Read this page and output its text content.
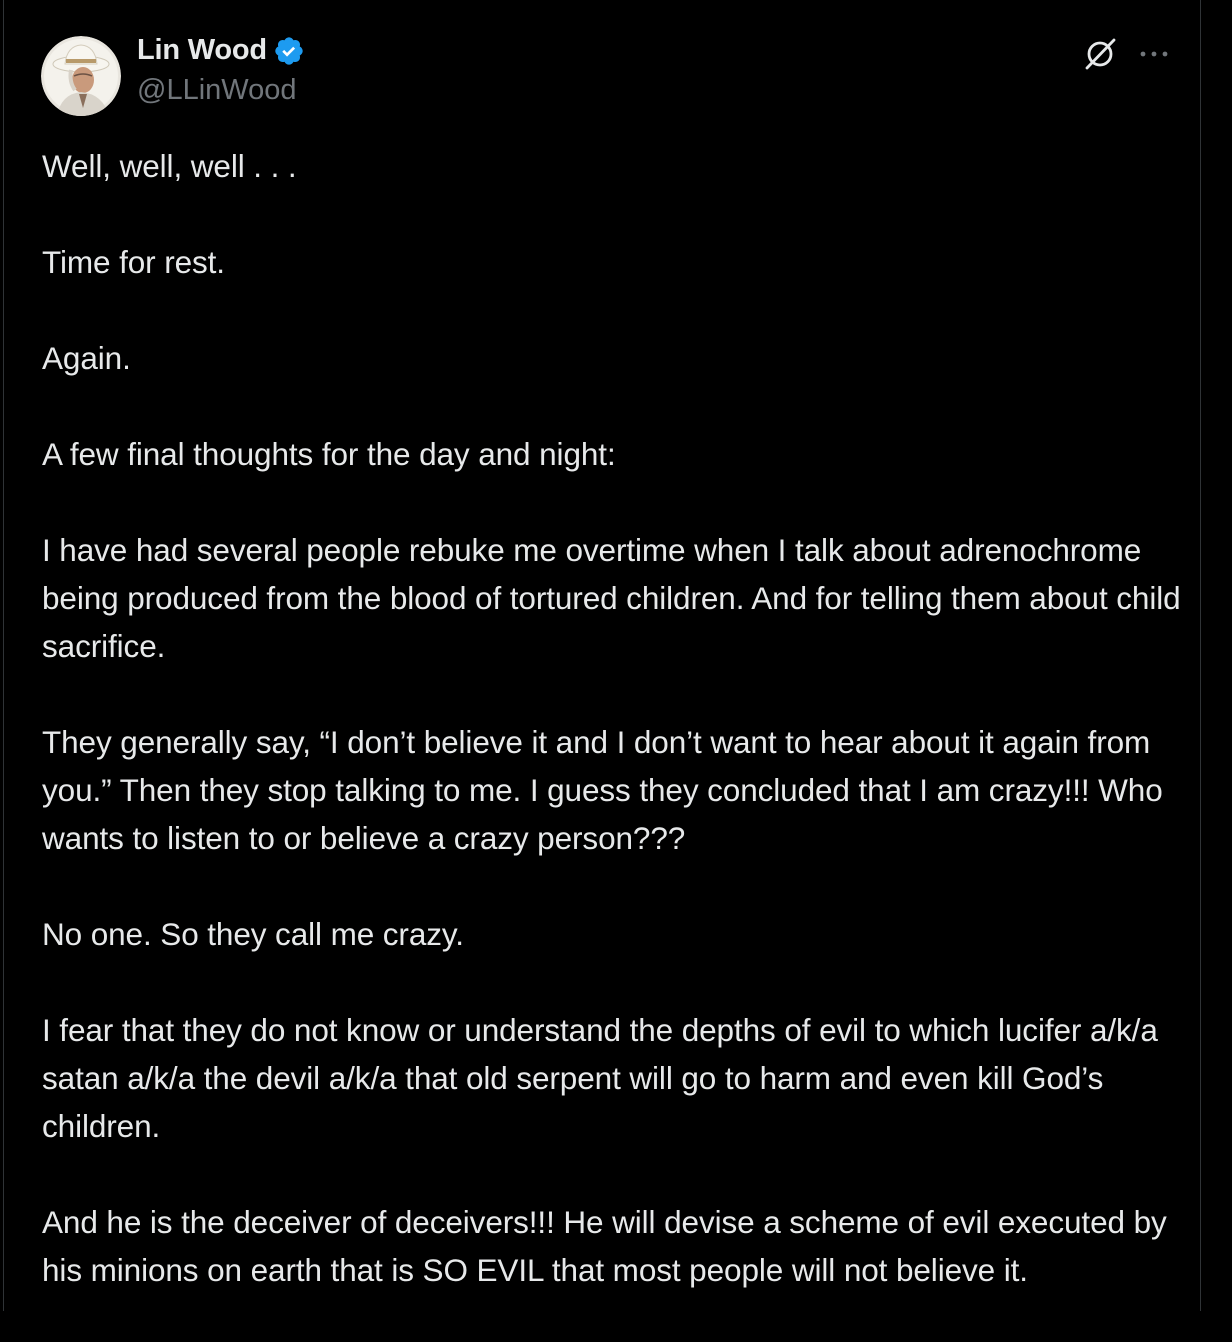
Lin Wood
@LLinWood

Well, well, well . . .

Time for rest.

Again.

A few final thoughts for the day and night:

I have had several people rebuke me overtime when I talk about adrenochrome being produced from the blood of tortured children. And for telling them about child sacrifice.

They generally say, “I don’t believe it and I don’t want to hear about it again from you.” Then they stop talking to me. I guess they concluded that I am crazy!!! Who wants to listen to or believe a crazy person???

No one. So they call me crazy.

I fear that they do not know or understand the depths of evil to which lucifer a/k/a satan a/k/a the devil a/k/a that old serpent will go to harm and even kill God’s children.

And he is the deceiver of deceivers!!! He will devise a scheme of evil executed by his minions on earth that is SO EVIL that most people will not believe it.
